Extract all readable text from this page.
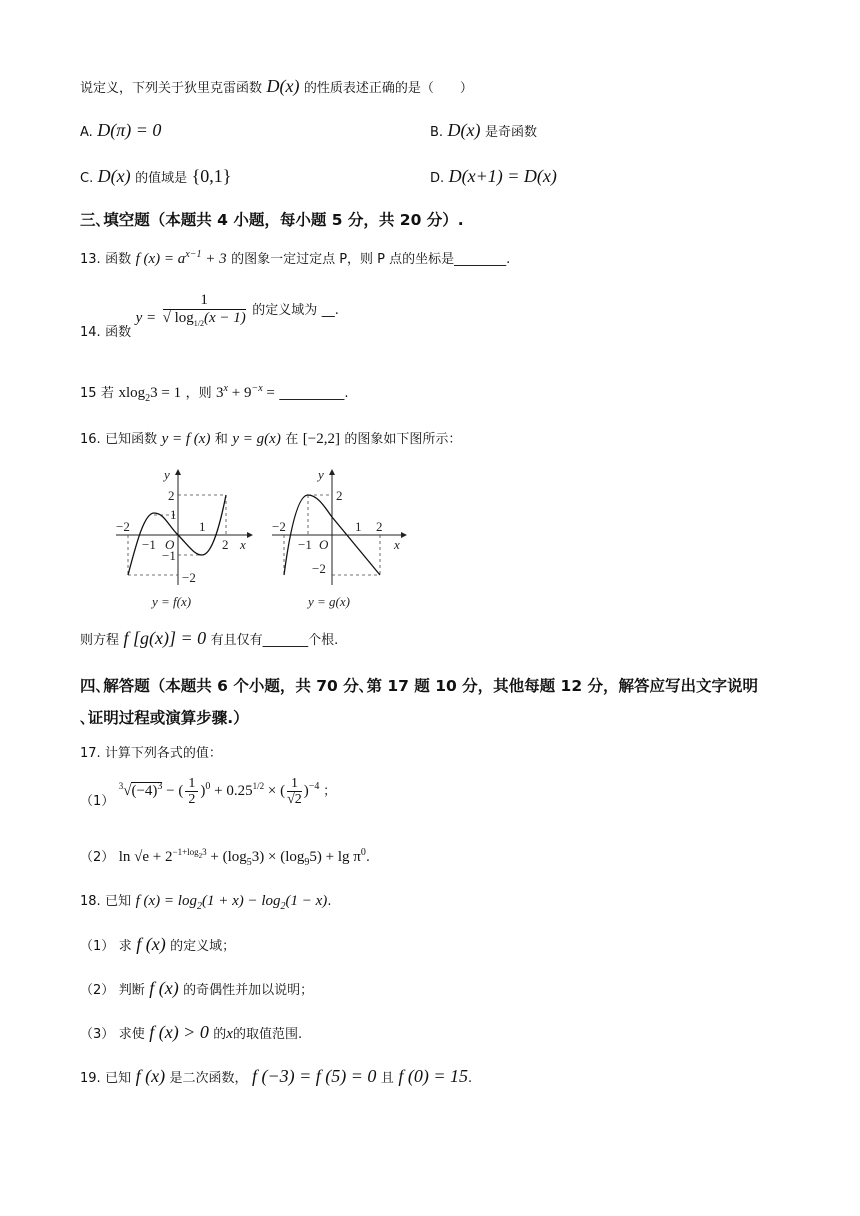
说定义，下列关于狄里克雷函数 D(x) 的性质表述正确的是（　　）
A. D(π) = 0	B. D(x) 是奇函数
C. D(x) 的值域是 {0,1}	D. D(x+1) = D(x)
三､填空题（本题共 4 小题，每小题 5 分，共 20 分）.
13. 函数 f $(x) = a^{x-1} + 3$ 的图象一定过定点 P，则 P 点的坐标是________.
14. 函数 $y = \frac{1}{√ \log_{1/2}(x - 1)}$ 的定义域为 __.
15 若 xlog$_2$3 = 1 ，则 $3^x + 9^{-x}$ = __________.
16. 已知函数 y = f (x) 和 y = g(x) 在 [−2,2] 的图象如下图所示：
−2
−1 O
1
2 x
y
2
1
−1
−2
y = f(x)
−2
−1 O
1 2
x
y
2
−2
y = g(x)
则方程 f [g(x)] = 0 有且仅有_______个根.
四､解答题（本题共 6 个小题，共 70 分､第 17 题 10 分，其他每题 12 分，解答应写出文字说明
､证明过程或演算步骤.）
17. 计算下列各式的值：
（1） $^3√(-4)^3$ − ( $\frac{1}{2} )^0 + 0.25^{1/2}$ × ( $\frac{1}{√2} )^{-4}$ ；
（2） $\ln √e + 2^{-1+log_23} + (\log_53) \times (\log_95) + \lg \pi^0$.
18. 已知 f $(x) = \log_2(1 + x) - \log_2(1 - x)$.
（1） 求 f (x) 的定义域；
（2） 判断 f (x) 的奇偶性并加以说明；
（3） 求使 f (x) > 0 的x的取值范围.
19. 已知 f (x) 是二次函数， f (−3) = f (5) = 0 且 f (0) = 15.
